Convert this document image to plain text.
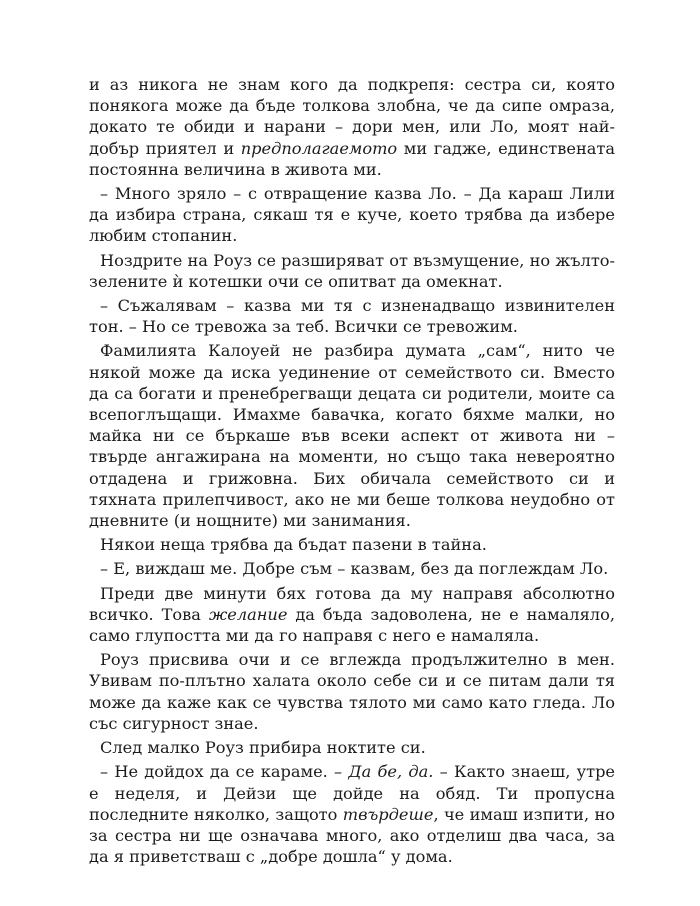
и аз никога не знам кого да подкрепя: сестра си, която понякога може да бъде толкова злобна, че да сипе омраза, докато те обиди и нарани – дори мен, или Ло, моят най-добър приятел и предполагаемото ми гадже, единствената постоянна величина в живота ми.

– Много зряло – с отвращение казва Ло. – Да караш Лили да избира страна, сякаш тя е куче, което трябва да избере любим стопанин.

Ноздрите на Роуз се разширяват от възмущение, но жълто-зелените ѝ котешки очи се опитват да омекнат.

– Съжалявам – казва ми тя с изненадващо извинителен тон. – Но се тревожа за теб. Всички се тревожим.

Фамилията Калоуей не разбира думата „сам“, нито че някой може да иска уединение от семейството си. Вместо да са богати и пренебрегващи децата си родители, моите са всепоглъщащи. Имахме бавачка, когато бяхме малки, но майка ни се бъркаше във всеки аспект от живота ни – твърде ангажирана на моменти, но също така невероятно отдадена и грижовна. Бих обичала семейството си и тяхната прилепчивост, ако не ми беше толкова неудобно от дневните (и нощните) ми занимания.

Някои неща трябва да бъдат пазени в тайна.

– Е, виждаш ме. Добре съм – казвам, без да поглеждам Ло.

Преди две минути бях готова да му направя абсолютно всичко. Това желание да бъда задоволена, не е намаляло, само глупостта ми да го направя с него е намаляла.

Роуз присвива очи и се вглежда продължително в мен. Увивам по-плътно халата около себе си и се питам дали тя може да каже как се чувства тялото ми само като гледа. Ло със сигурност знае.

След малко Роуз прибира ноктите си.

– Не дойдох да се караме. – Да бе, да. – Както знаеш, утре е неделя, и Дейзи ще дойде на обяд. Ти пропусна последните няколко, защото твърдеше, че имаш изпити, но за сестра ни ще означава много, ако отделиш два часа, за да я приветстваш с „добре дошла“ у дома.
